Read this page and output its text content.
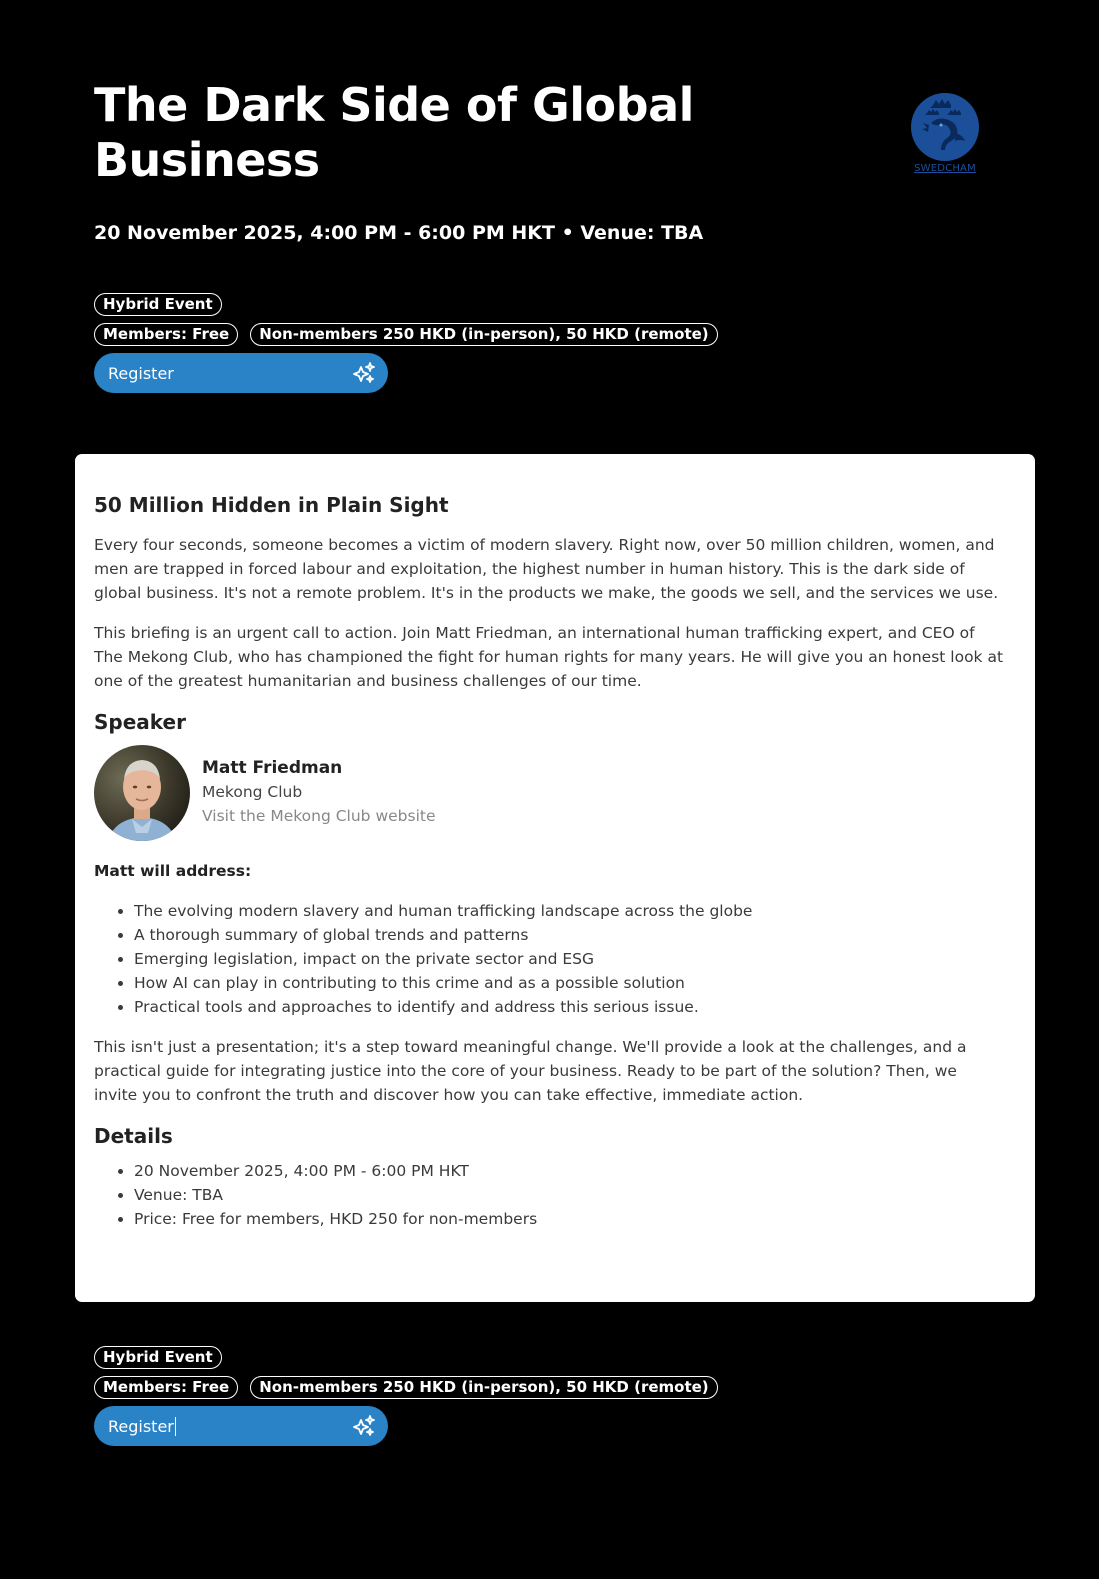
The Dark Side of Global Business
20 November 2025, 4:00 PM - 6:00 PM HKT • Venue: TBA
SWEDCHAM
Hybrid Event
Members: Free	Non-members 250 HKD (in-person), 50 HKD (remote)
Register
50 Million Hidden in Plain Sight

Every four seconds, someone becomes a victim of modern slavery. Right now, over 50 million children, women, and men are trapped in forced labour and exploitation, the highest number in human history. This is the dark side of global business. It's not a remote problem. It's in the products we make, the goods we sell, and the services we use.

This briefing is an urgent call to action. Join Matt Friedman, an international human trafficking expert, and CEO of The Mekong Club, who has championed the fight for human rights for many years. He will give you an honest look at one of the greatest humanitarian and business challenges of our time.

Speaker
Matt Friedman
Mekong Club
Visit the Mekong Club website
Matt will address:
• The evolving modern slavery and human trafficking landscape across the globe
• A thorough summary of global trends and patterns
• Emerging legislation, impact on the private sector and ESG
• How AI can play in contributing to this crime and as a possible solution
• Practical tools and approaches to identify and address this serious issue.

This isn't just a presentation; it's a step toward meaningful change. We'll provide a look at the challenges, and a practical guide for integrating justice into the core of your business. Ready to be part of the solution? Then, we invite you to confront the truth and discover how you can take effective, immediate action.

Details
• 20 November 2025, 4:00 PM - 6:00 PM HKT
• Venue: TBA
• Price: Free for members, HKD 250 for non-members
Hybrid Event
Members: Free	Non-members 250 HKD (in-person), 50 HKD (remote)
Register
